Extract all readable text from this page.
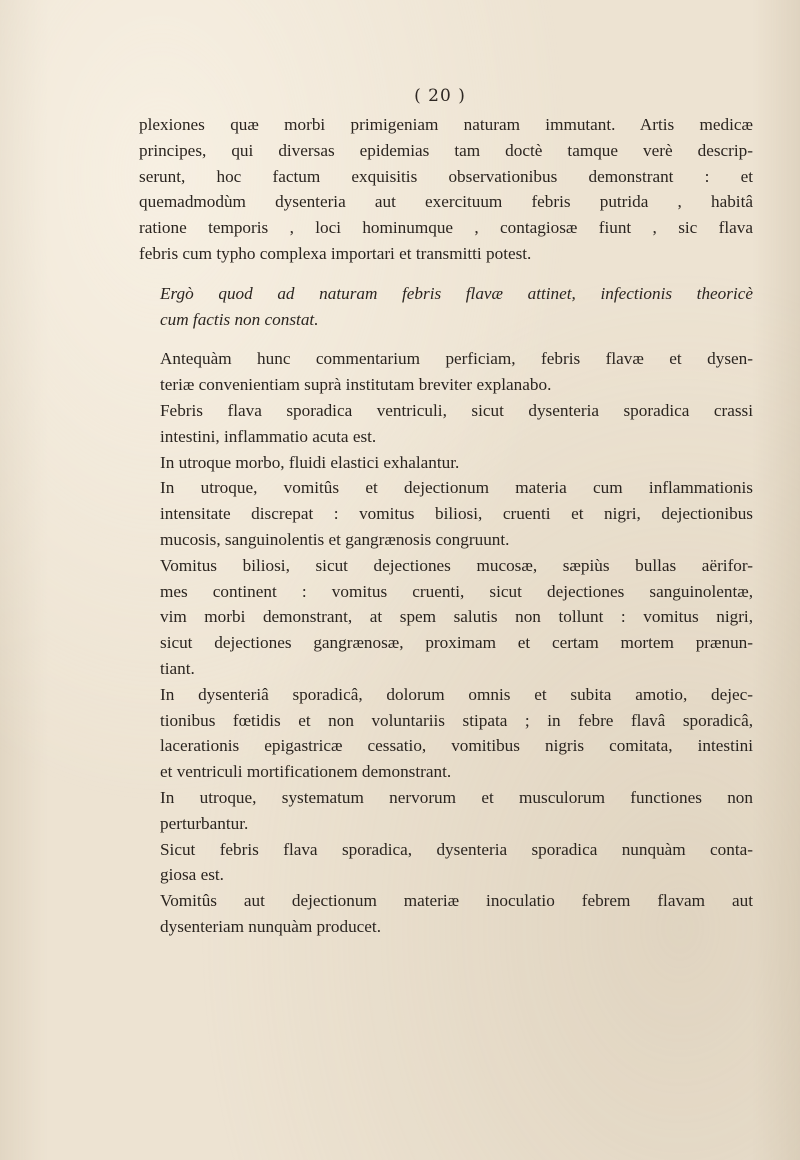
( 20 )

plexiones quæ morbi primigeniam naturam immutant. Artis medicæ
principes, qui diversas epidemias tam doctè tamque verè descrip-
serunt, hoc factum exquisitis observationibus demonstrant : et
quemadmodùm dysenteria aut exercituum febris putrida , habitâ
ratione temporis , loci hominumque , contagiosæ fiunt , sic flava
febris cum typho complexa importari et transmitti potest.

Ergò quod ad naturam febris flavæ attinet, infectionis theoricè
cum factis non constat.

Antequàm hunc commentarium perficiam, febris flavæ et dysen-
teriæ convenientiam suprà institutam breviter explanabo.

Febris flava sporadica ventriculi, sicut dysenteria sporadica crassi
intestini, inflammatio acuta est.

In utroque morbo, fluidi elastici exhalantur.

In utroque, vomitûs et dejectionum materia cum inflammationis
intensitate discrepat : vomitus biliosi, cruenti et nigri, dejectionibus
mucosis, sanguinolentis et gangrænosis congruunt.

Vomitus biliosi, sicut dejectiones mucosæ, sæpiùs bullas aërifor-
mes continent : vomitus cruenti, sicut dejectiones sanguinolentæ,
vim morbi demonstrant, at spem salutis non tollunt : vomitus nigri,
sicut dejectiones gangrænosæ, proximam et certam mortem prænun-
tiant.

In dysenteriâ sporadicâ, dolorum omnis et subita amotio, dejec-
tionibus fœtidis et non voluntariis stipata ; in febre flavâ sporadicâ,
lacerationis epigastricæ cessatio, vomitibus nigris comitata, intestini
et ventriculi mortificationem demonstrant.

In utroque, systematum nervorum et musculorum functiones non
perturbantur.

Sicut febris flava sporadica, dysenteria sporadica nunquàm conta-
giosa est.

Vomitûs aut dejectionum materiæ inoculatio febrem flavam aut
dysenteriam nunquàm producet.
